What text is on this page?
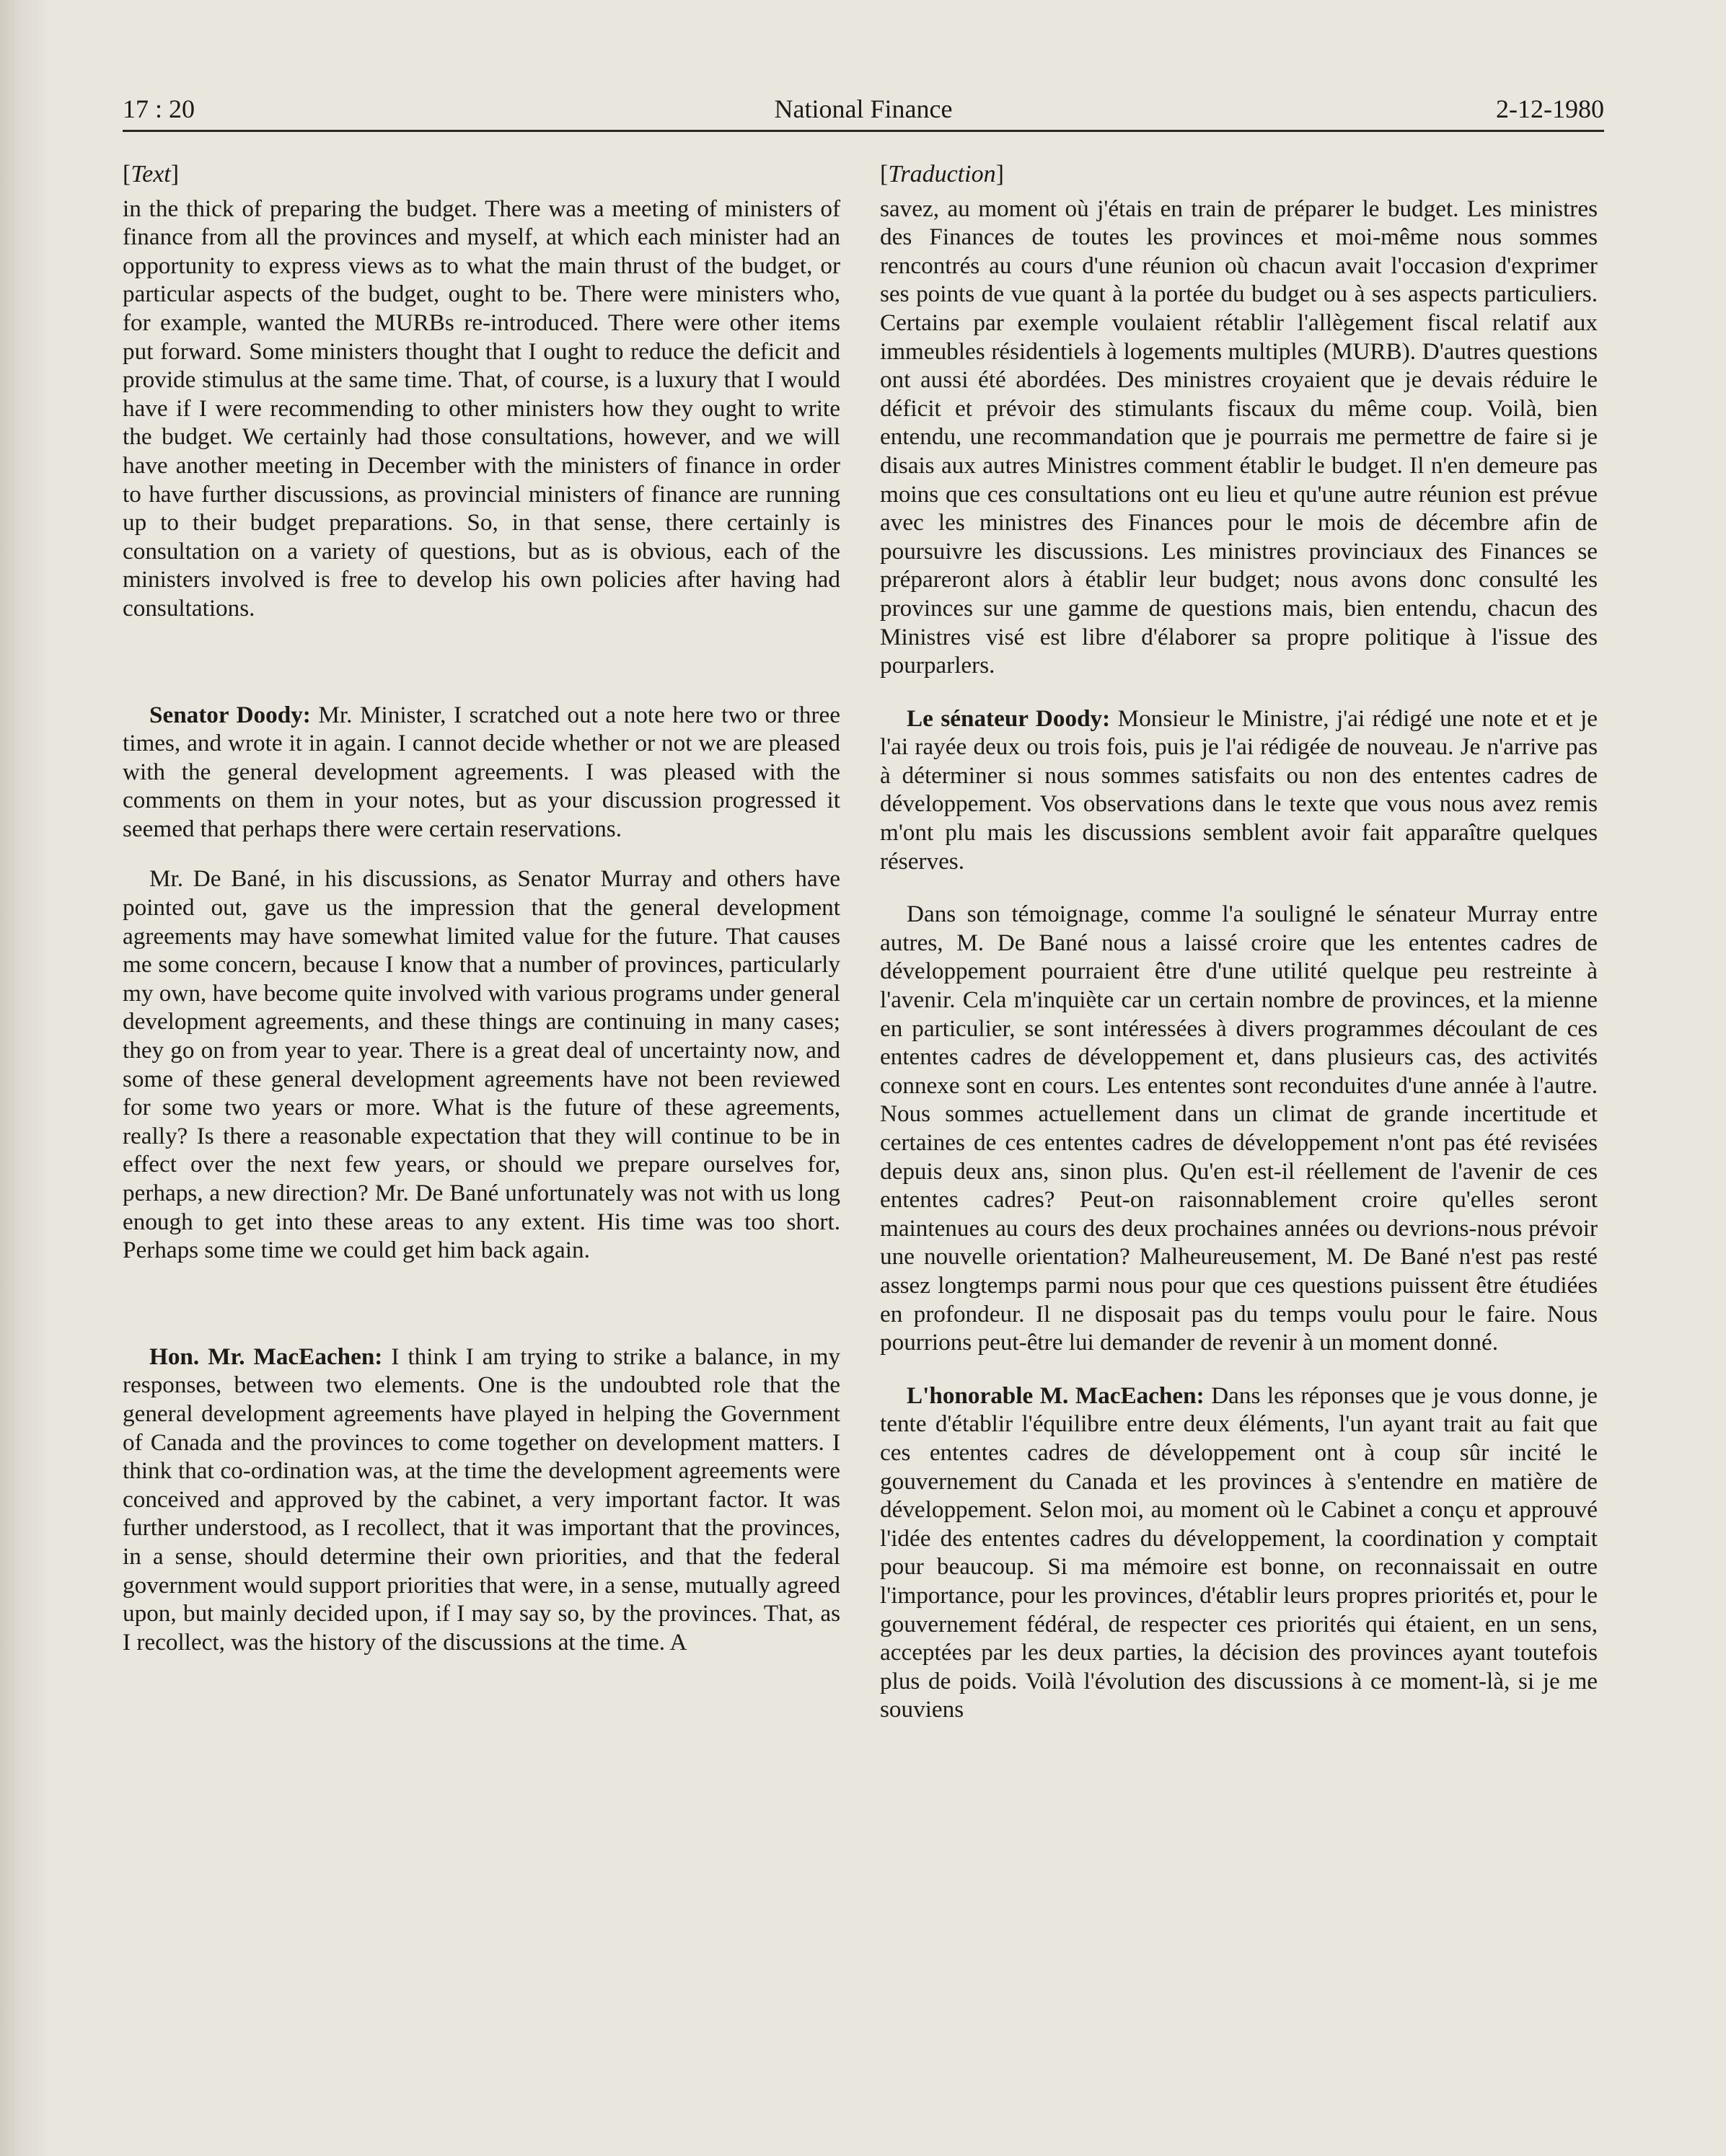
17 : 20	National Finance	2-12-1980

[Text]

in the thick of preparing the budget. There was a meeting of ministers of finance from all the provinces and myself, at which each minister had an opportunity to express views as to what the main thrust of the budget, or particular aspects of the budget, ought to be. There were ministers who, for example, wanted the MURBs re-introduced. There were other items put forward. Some ministers thought that I ought to reduce the deficit and provide stimulus at the same time. That, of course, is a luxury that I would have if I were recommending to other ministers how they ought to write the budget. We certainly had those consultations, however, and we will have another meeting in December with the ministers of finance in order to have further discussions, as provincial ministers of finance are running up to their budget preparations. So, in that sense, there certainly is consultation on a variety of questions, but as is obvious, each of the ministers involved is free to develop his own policies after having had consultations.

Senator Doody: Mr. Minister, I scratched out a note here two or three times, and wrote it in again. I cannot decide whether or not we are pleased with the general development agreements. I was pleased with the comments on them in your notes, but as your discussion progressed it seemed that perhaps there were certain reservations.

Mr. De Bané, in his discussions, as Senator Murray and others have pointed out, gave us the impression that the general development agreements may have somewhat limited value for the future. That causes me some concern, because I know that a number of provinces, particularly my own, have become quite involved with various programs under general development agreements, and these things are continuing in many cases; they go on from year to year. There is a great deal of uncertainty now, and some of these general development agreements have not been reviewed for some two years or more. What is the future of these agreements, really? Is there a reasonable expectation that they will continue to be in effect over the next few years, or should we prepare ourselves for, perhaps, a new direction? Mr. De Bané unfortunately was not with us long enough to get into these areas to any extent. His time was too short. Perhaps some time we could get him back again.

Hon. Mr. MacEachen: I think I am trying to strike a balance, in my responses, between two elements. One is the undoubted role that the general development agreements have played in helping the Government of Canada and the provinces to come together on development matters. I think that co-ordination was, at the time the development agreements were conceived and approved by the cabinet, a very important factor. It was further understood, as I recollect, that it was important that the provinces, in a sense, should determine their own priorities, and that the federal government would support priorities that were, in a sense, mutually agreed upon, but mainly decided upon, if I may say so, by the provinces. That, as I recollect, was the history of the discussions at the time. A

[Traduction]

savez, au moment où j'étais en train de préparer le budget. Les ministres des Finances de toutes les provinces et moi-même nous sommes rencontrés au cours d'une réunion où chacun avait l'occasion d'exprimer ses points de vue quant à la portée du budget ou à ses aspects particuliers. Certains par exemple voulaient rétablir l'allègement fiscal relatif aux immeubles résidentiels à logements multiples (MURB). D'autres questions ont aussi été abordées. Des ministres croyaient que je devais réduire le déficit et prévoir des stimulants fiscaux du même coup. Voilà, bien entendu, une recommandation que je pourrais me permettre de faire si je disais aux autres Ministres comment établir le budget. Il n'en demeure pas moins que ces consultations ont eu lieu et qu'une autre réunion est prévue avec les ministres des Finances pour le mois de décembre afin de poursuivre les discussions. Les ministres provinciaux des Finances se prépareront alors à établir leur budget; nous avons donc consulté les provinces sur une gamme de questions mais, bien entendu, chacun des Ministres visé est libre d'élaborer sa propre politique à l'issue des pourparlers.

Le sénateur Doody: Monsieur le Ministre, j'ai rédigé une note et et je l'ai rayée deux ou trois fois, puis je l'ai rédigée de nouveau. Je n'arrive pas à déterminer si nous sommes satisfaits ou non des ententes cadres de développement. Vos observations dans le texte que vous nous avez remis m'ont plu mais les discussions semblent avoir fait apparaître quelques réserves.

Dans son témoignage, comme l'a souligné le sénateur Murray entre autres, M. De Bané nous a laissé croire que les ententes cadres de développement pourraient être d'une utilité quelque peu restreinte à l'avenir. Cela m'inquiète car un certain nombre de provinces, et la mienne en particulier, se sont intéressées à divers programmes découlant de ces ententes cadres de développement et, dans plusieurs cas, des activités connexe sont en cours. Les ententes sont reconduites d'une année à l'autre. Nous sommes actuellement dans un climat de grande incertitude et certaines de ces ententes cadres de développement n'ont pas été revisées depuis deux ans, sinon plus. Qu'en est-il réellement de l'avenir de ces ententes cadres? Peut-on raisonnablement croire qu'elles seront maintenues au cours des deux prochaines années ou devrions-nous prévoir une nouvelle orientation? Malheureusement, M. De Bané n'est pas resté assez longtemps parmi nous pour que ces questions puissent être étudiées en profondeur. Il ne disposait pas du temps voulu pour le faire. Nous pourrions peut-être lui demander de revenir à un moment donné.

L'honorable M. MacEachen: Dans les réponses que je vous donne, je tente d'établir l'équilibre entre deux éléments, l'un ayant trait au fait que ces ententes cadres de développement ont à coup sûr incité le gouvernement du Canada et les provinces à s'entendre en matière de développement. Selon moi, au moment où le Cabinet a conçu et approuvé l'idée des ententes cadres du développement, la coordination y comptait pour beaucoup. Si ma mémoire est bonne, on reconnaissait en outre l'importance, pour les provinces, d'établir leurs propres priorités et, pour le gouvernement fédéral, de respecter ces priorités qui étaient, en un sens, acceptées par les deux parties, la décision des provinces ayant toutefois plus de poids. Voilà l'évolution des discussions à ce moment-là, si je me souviens
